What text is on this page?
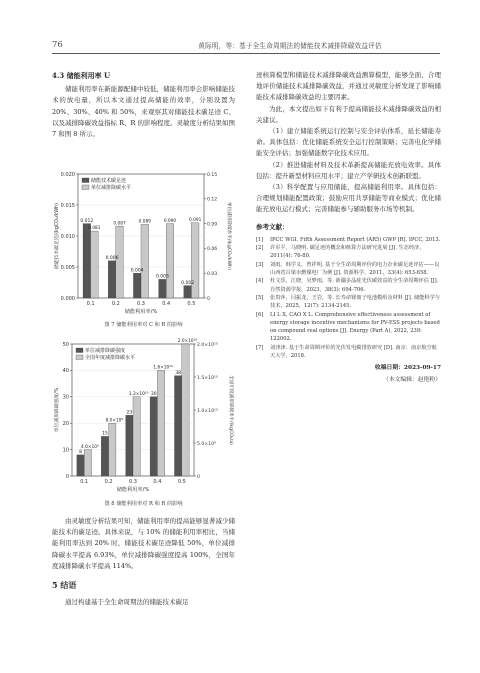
76	黄际明，等：基于全生命周期法的储能技术减排降碳效益评估
4.3 储能利用率 U

储能利用率在新能源配储中较低，储能利用率会影响储能技术的放电量，所以本文通过提高储能的效率，分别设置为 20%、30%、40% 和 50%，来观察其对储能技术碳足迹 C、以及减排降碳效益指标 R、R 的影响程度。灵敏度分析结果如图 7 和图 8 所示。

0.000
0.005
0.010
0.015
0.020
0
0.03
0.06
0.09
0.12
0.15
0.1
0.012
0.081
0.2
0.006
0.087
0.3
0.004
0.089
0.4
0.003
0.090
0.5
0.002
0.091
储能利用率/%
储能技术碳足迹/(kgCO₂/kWh)	单位减排降碳水平/(kgCO₂/kWh)
储能技术碳足迹
单位减排降碳水平
图 7 储能利用率对 C 和 R 的影响
0
10
20
30
40
50
0
5.0×10⁹
1.0×10¹⁰
1.5×10¹⁰
2.0×10¹⁰
0.1
8
4.0×10⁹
0.2
15
8.0×10⁹
0.3
23
1.2×10¹⁰
0.4
30
1.6×10¹⁰
0.5
38
2.0×10¹⁰
储能利用率/%
单位减排降碳强度/%	全国年度减排降碳水平/(kgCO₂/a)
单位减排降碳强度
全国年度减排降碳水平
图 8 储能利用率对 R 和 R 的影响

由灵敏度分析结果可知，储能利用率的提高能够显著减少储能技术的碳足迹。具体来说，与 10% 的储能利用率相比，当储能利用率达到 20% 时，储能技术碳足迹降低 50%，单位减排降碳水平提高 6.93%，单位减排降碳强度提高 100%，全国年度减排降碳水平提高 114%。

5 结语

通过构建基于全生命周期法的储能技术碳足

迹核算模型和储能技术减排降碳效益测算模型，能够全面、合理地评价储能技术减排降碳效益，并通过灵敏度分析发现了影响储能技术减排降碳效益的主要因素。

为此，本文提出如下有利于提高储能技术减排降碳效益的相关建议。

（1）建立储能系统运行控制与安全评估体系，延长储能寿命。具体包括：优化储能系统安全运行控制策略；完善电化学储能安全评估；加强储能数字化技术应用。

（2）推进储能材料及技术革新提高储能充放电效率。具体包括：提升新型材料应用水平；建立产学研技术创新联盟。

（3）科学配置与应用储能，提高储能利用率。具体包括：合理规划储能配置政策；鼓励应用共享储能等商业模式；优化储能充放电运行模式；完善储能参与辅助服务市场等机制。

参考文献：
[1] IPCC WGI. Fifth Assessment Report (AR5) GWP [R]. IPCC, 2013.
[2] 许军平，马晓明. 碳足迹的概念和核算方法研究进展 [J]. 生态经济，2011(4): 76-80.
[3] 刘雨，韩学义，曾祥明. 基于全生命周期评价的电力企业碳足迹评估——以山西省吕梁市燃煤电厂为例 [J]. 资源科学，2011，33(4): 653-658.
[4] 杜文乐，江晓，吴梦雨，等. 新疆多晶硅光伏碳效益的全生命周期评估 [J]. 自然资源学报，2023，38(3): 694-706.
[5] 张贵萍，闫振龙，王岩，等. 长寿命锂离子电池模组及材料 [J]. 储能科学与技术，2025，12(7): 2134-2145.
[6] LI L X, CAO X L. Comprehensive effectiveness assessment of energy storage incentive mechanisms for PV-ESS projects based on compound real options [J]. Energy (Part A), 2022, 239: 122002.
[7] 刘津津. 基于生命周期评价的光伏发电碳排放研究 [D]. 南京：南京航空航天大学，2018.
收稿日期：2023-09-17
（本文编辑：赵艳粉）
